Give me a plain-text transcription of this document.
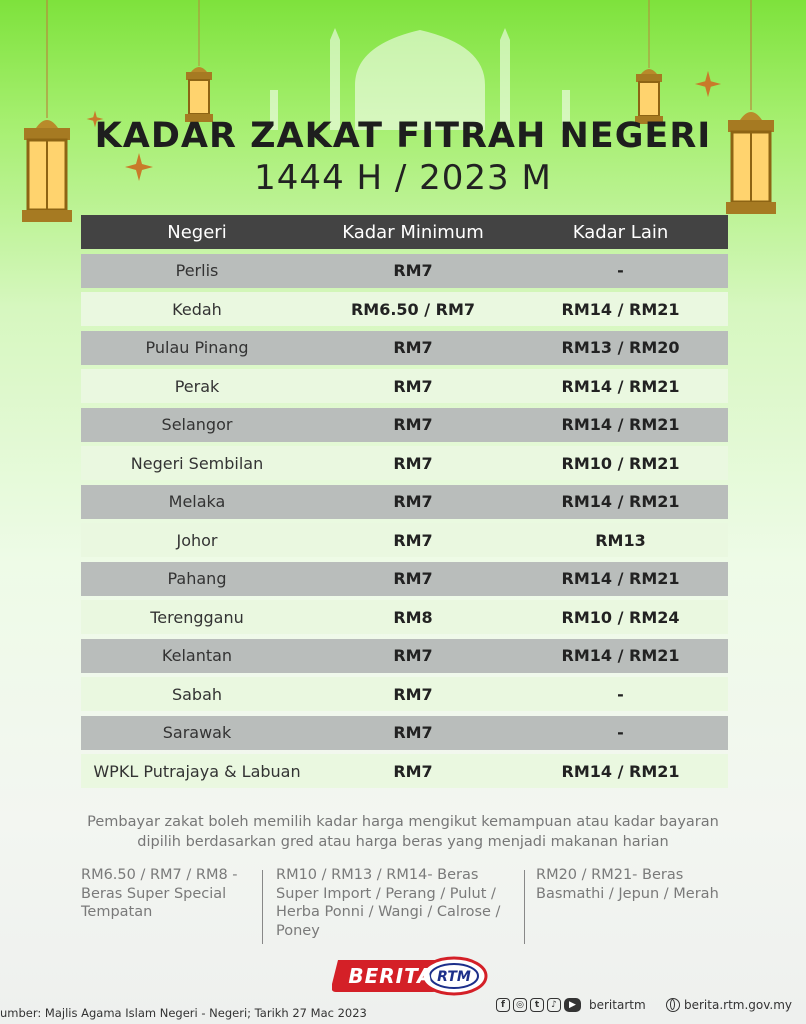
KADAR ZAKAT FITRAH NEGERI
1444 H / 2023 M
Negeri	Kadar Minimum	Kadar Lain
Perlis	RM7	-
Kedah	RM6.50 / RM7	RM14 / RM21
Pulau Pinang	RM7	RM13 / RM20
Perak	RM7	RM14 / RM21
Selangor	RM7	RM14 / RM21
Negeri Sembilan	RM7	RM10 / RM21
Melaka	RM7	RM14 / RM21
Johor	RM7	RM13
Pahang	RM7	RM14 / RM21
Terengganu	RM8	RM10 / RM24
Kelantan	RM7	RM14 / RM21
Sabah	RM7	-
Sarawak	RM7	-
WPKL Putrajaya & Labuan	RM7	RM14 / RM21
Pembayar zakat boleh memilih kadar harga mengikut kemampuan atau kadar bayaran
dipilih berdasarkan gred atau harga beras yang menjadi makanan harian
RM6.50 / RM7 / RM8 -
Beras Super Special
Tempatan
RM10 / RM13 / RM14- Beras
Super Import / Perang / Pulut /
Herba Ponni / Wangi / Calrose /
Poney
RM20 / RM21- Beras
Basmathi / Jepun / Merah
BERITA RTM
umber: Majlis Agama Islam Negeri - Negeri; Tarikh 27 Mac 2023
f	◎	t	♪	▶	beritartm	berita.rtm.gov.my
